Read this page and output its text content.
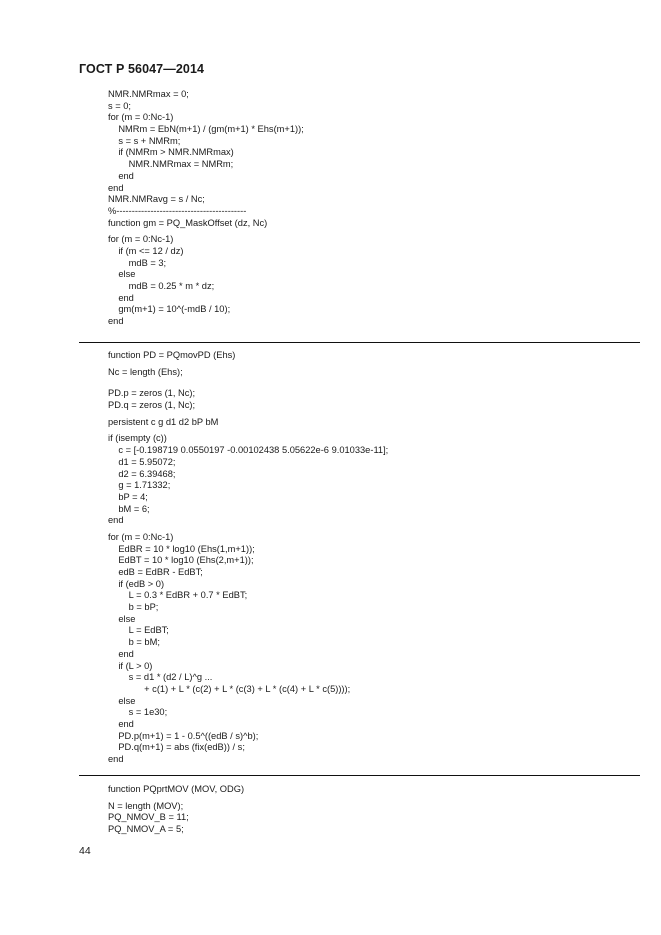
ГОСТ Р 56047—2014
NMR.NMRmax = 0;
s = 0;
for (m = 0:Nc-1)
NMRm = EbN(m+1) / (gm(m+1) * Ehs(m+1));
s = s + NMRm;
if (NMRm > NMR.NMRmax)
NMR.NMRmax = NMRm;
end
end
NMR.NMRavg = s / Nc;
%------------------------------------------
function gm = PQ_MaskOffset (dz, Nc)
for (m = 0:Nc-1)
if (m <= 12 / dz)
mdB = 3;
else
mdB = 0.25 * m * dz;
end
gm(m+1) = 10^(-mdB / 10);
end
function PD = PQmovPD (Ehs)
Nc = length (Ehs);
PD.p = zeros (1, Nc);
PD.q = zeros (1, Nc);
persistent c g d1 d2 bP bM
if (isempty (c))
c = [-0.198719 0.0550197 -0.00102438 5.05622e-6 9.01033e-11];
d1 = 5.95072;
d2 = 6.39468;
g = 1.71332;
bP = 4;
bM = 6;
end
for (m = 0:Nc-1)
EdBR = 10 * log10 (Ehs(1,m+1));
EdBT = 10 * log10 (Ehs(2,m+1));
edB = EdBR - EdBT;
if (edB > 0)
L = 0.3 * EdBR + 0.7 * EdBT;
b = bP;
else
L = EdBT;
b = bM;
end
if (L > 0)
s = d1 * (d2 / L)^g ...
+ c(1) + L * (c(2) + L * (c(3) + L * (c(4) + L * c(5))));
else
s = 1e30;
end
PD.p(m+1) = 1 - 0.5^((edB / s)^b);
PD.q(m+1) = abs (fix(edB)) / s;
end
function PQprtMOV (MOV, ODG)
N = length (MOV);
PQ_NMOV_B = 11;
PQ_NMOV_A = 5;
44
